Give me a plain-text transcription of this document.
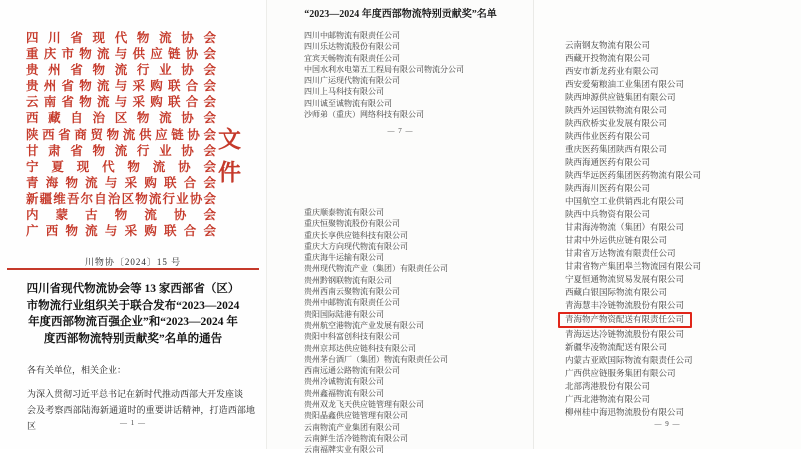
四川省现代物流协会
重庆市物流与供应链协会
贵州省物流行业协会
贵州省物流与采购联合会
云南省物流与采购联合会
西藏自治区物流协会
陕西省商贸物流供应链协会
甘肃省物流行业协会
宁夏现代物流协会
青海物流与采购联合会
新疆维吾尔自治区物流行业协会
内蒙古物流协会
广西物流与采购联合会
文件
川物协〔2024〕15 号
四川省现代物流协会等 13 家西部省（区）
市物流行业组织关于联合发布“2023—2024
年度西部物流百强企业”和“2023—2024 年
度西部物流特别贡献奖”名单的通告
各有关单位，相关企业：
为深入贯彻习近平总书记在新时代推动西部大开发座谈
会及考察西部陆海新通道时的重要讲话精神，打造西部地区	— 1 —
“2023—2024 年度西部物流特别贡献奖”名单
四川中邮物流有限责任公司
四川乐达物流股份有限公司
宜宾天畅物流有限责任公司
中国水利水电第五工程局有限公司物流分公司
四川广运现代物流有限公司
四川上马科技有限公司
四川诚至诚物流有限公司
沙师弟（重庆）网络科技有限公司
— 7 —
重庆顺泰物流有限公司
重庆恒聚物流股份有限公司
重庆长享供应链科技有限公司
重庆大方向现代物流有限公司
重庆海牛运输有限公司
贵州现代物流产业（集团）有限责任公司
贵州黔钢联物流有限公司
贵州西南云聚物流有限公司
贵州中邮物流有限责任公司
贵阳国际陆港有限公司
贵州航空港物流产业发展有限公司
贵阳中科富创科技有限公司
贵州京邦达供应链科技有限公司
贵州茅台酒厂（集团）物流有限责任公司
西南远通公路物流有限公司
贵州冷诚物流有限公司
贵州鑫福物流有限公司
贵州双龙飞天供应链管理有限公司
贵阳晶鑫供应链管理有限公司
云南物流产业集团有限公司
云南鲜生活冷链物流有限公司
云南福牌实业有限公司
云南钢友物流有限公司
西藏开投物流有限公司
西安市新龙药业有限公司
西安爱菊粮油工业集团有限公司
陕西坤源供应链集团有限公司
陕西外运国铁物流有限公司
陕西欣桥实业发展有限公司
陕西伟业医药有限公司
重庆医药集团陕西有限公司
陕西海通医药有限公司
陕西华远医药集团医药物流有限公司
陕西海川医药有限公司
中国航空工业供销西北有限公司
陕西中兵物资有限公司
甘肃海涛物流（集团）有限公司
甘肃中外运供应链有限公司
甘肃省万达物流有限责任公司
甘肃省物产集团皋兰物流园有限公司
宁夏恒通物流贸易发展有限公司
西藏白银国际物流有限公司
青海慧丰冷链物流股份有限公司
青海物产物资配送有限责任公司
青海远达冷链物流股份有限公司
新疆华凌物流配送有限公司
内蒙古亚欧国际物流有限责任公司
广西供应链服务集团有限公司
北部湾港股份有限公司
广西北港物流有限公司
柳州桂中海迅物流股份有限公司
— 9 —
